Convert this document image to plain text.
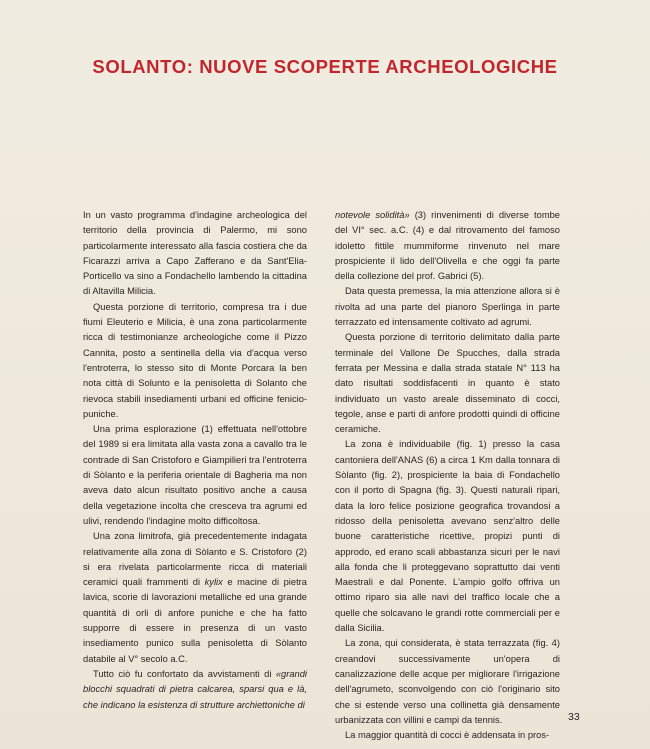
SOLANTO: NUOVE SCOPERTE ARCHEOLOGICHE

In un vasto programma d'indagine archeologica del territorio della provincia di Palermo, mi sono particolarmente interessato alla fascia costiera che da Ficarazzi arriva a Capo Zafferano e da Sant'Elia-Porticello va sino a Fondachello lambendo la cittadina di Altavilla Milicia.

Questa porzione di territorio, compresa tra i due fiumi Eleuterio e Milicia, è una zona particolarmente ricca di testimonianze archeologiche come il Pizzo Cannita, posto a sentinella della via d'acqua verso l'entroterra, lo stesso sito di Monte Porcara la ben nota città di Solunto e la penisoletta di Solanto che rievoca stabili insediamenti urbani ed officine fenicio-puniche.

Una prima esplorazione (1) effettuata nell'ottobre del 1989 si era limitata alla vasta zona a cavallo tra le contrade di San Cristoforo e Giampilieri tra l'entroterra di Sòlanto e la periferia orientale di Bagheria ma non aveva dato alcun risultato positivo anche a causa della vegetazione incolta che cresceva tra agrumi ed ulivi, rendendo l'indagine molto difficoltosa.

Una zona limitrofa, già precedentemente indagata relativamente alla zona di Sòlanto e S. Cristoforo (2) si era rivelata particolarmente ricca di materiali ceramici quali frammenti di kylix e macine di pietra lavica, scorie di lavorazioni metalliche ed una grande quantità di orli di anfore puniche e che ha fatto supporre di essere in presenza di un vasto insediamento punico sulla penisoletta di Sòlanto databile al V° secolo a.C.

Tutto ciò fu confortato da avvistamenti di «grandi blocchi squadrati di pietra calcarea, sparsi qua e là, che indicano la esistenza di strutture archiettoniche di

notevole solidità» (3) rinvenimenti di diverse tombe del VI° sec. a.C. (4) e dal ritrovamento del famoso idoletto fittile mummiforme rinvenuto nel mare prospiciente il lido dell'Olivella e che oggi fa parte della collezione del prof. Gabrici (5).

Data questa premessa, la mia attenzione allora si è rivolta ad una parte del pianoro Sperlinga in parte terrazzato ed intensamente coltivato ad agrumi.

Questa porzione di territorio delimitato dalla parte terminale del Vallone De Spucches, dalla strada ferrata per Messina e dalla strada statale N° 113 ha dato risultati soddisfacenti in quanto è stato individuato un vasto areale disseminato di cocci, tegole, anse e parti di anfore prodotti quindi di officine ceramiche.

La zona è individuabile (fig. 1) presso la casa cantoniera dell'ANAS (6) a circa 1 Km dalla tonnara di Sòlanto (fig. 2), prospiciente la baia di Fondachello con il porto di Spagna (fig. 3). Questi naturali ripari, data la loro felice posizione geografica trovandosi a ridosso della penisoletta avevano senz'altro delle buone caratteristiche ricettive, propizi punti di approdo, ed erano scali abbastanza sicuri per le navi alla fonda che li proteggevano soprattutto dai venti Maestrali e dal Ponente. L'ampio golfo offriva un ottimo riparo sia alle navi del traffico locale che a quelle che solcavano le grandi rotte commerciali per e dalla Sicilia.

La zona, qui considerata, è stata terrazzata (fig. 4) creandovi successivamente un'opera di canalizzazione delle acque per migliorare l'irrigazione dell'agrumeto, sconvolgendo con ciò l'originario sito che si estende verso una collinetta già densamente urbanizzata con villini e campi da tennis.

La maggior quantità di cocci è addensata in pros-

33
